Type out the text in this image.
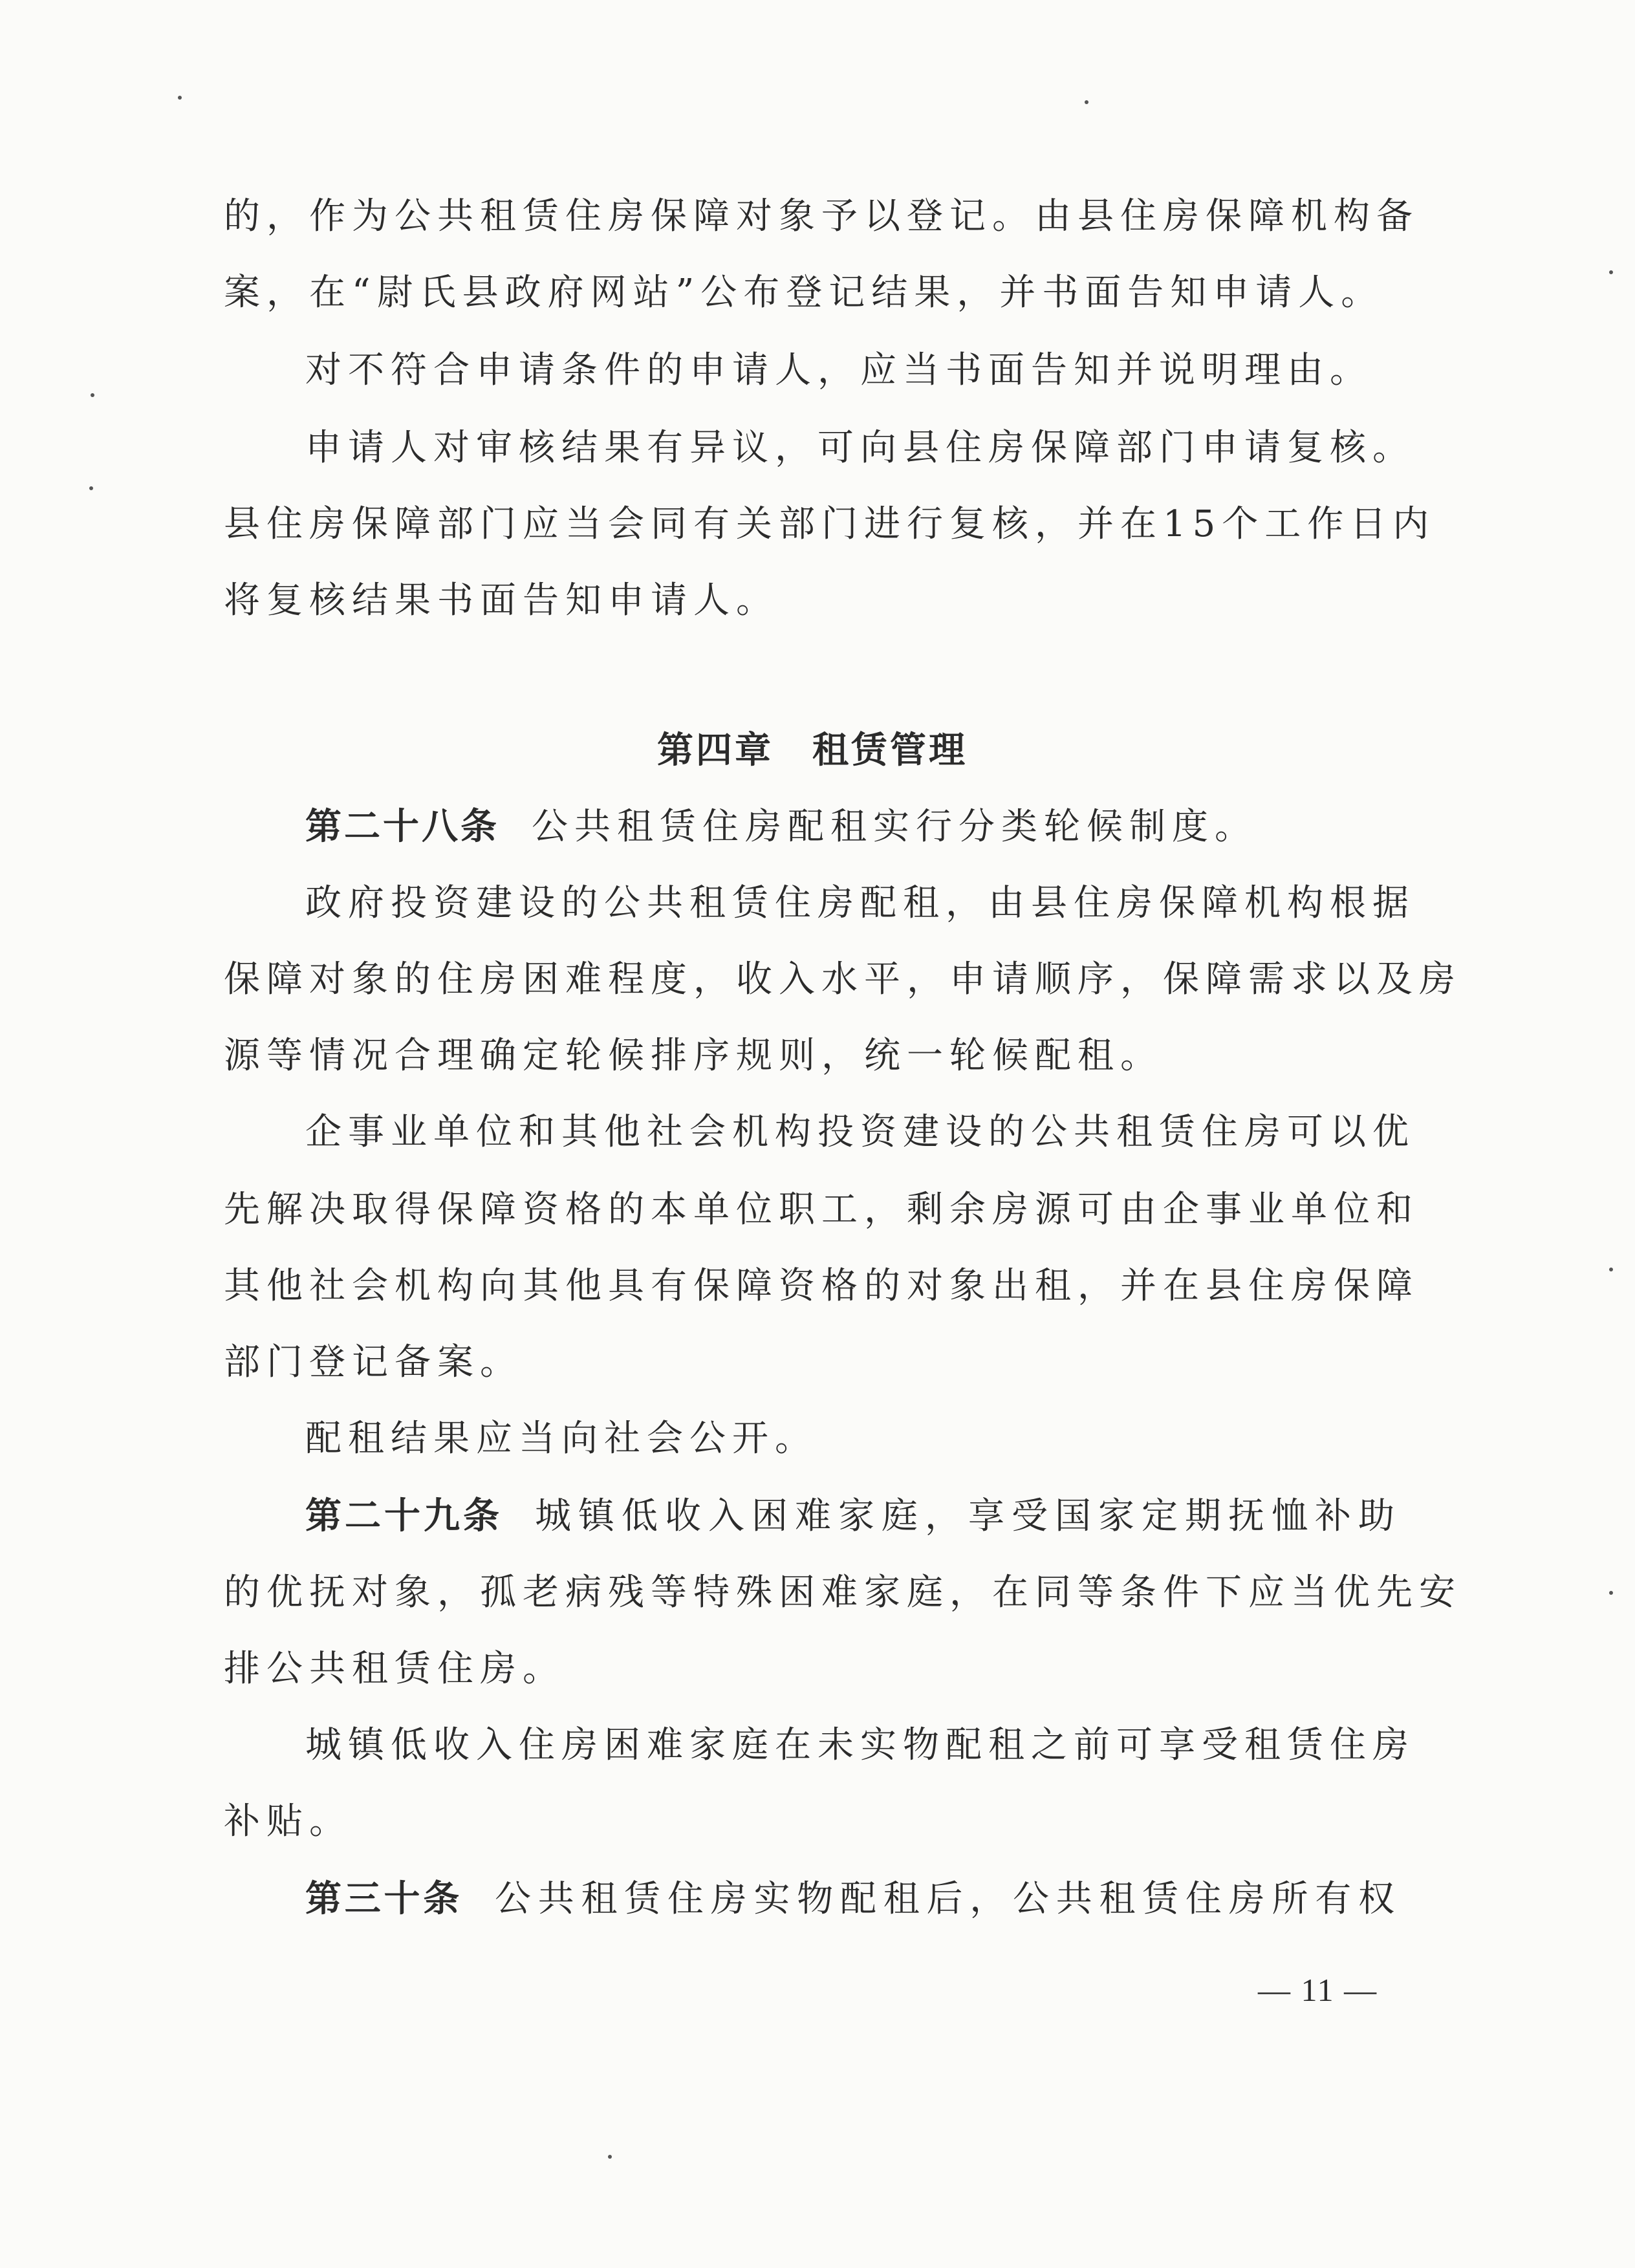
的，作为公共租赁住房保障对象予以登记。由县住房保障机构备
案，在“尉氏县政府网站”公布登记结果，并书面告知申请人。
对不符合申请条件的申请人，应当书面告知并说明理由。
申请人对审核结果有异议，可向县住房保障部门申请复核。
县住房保障部门应当会同有关部门进行复核，并在15个工作日内
将复核结果书面告知申请人。
第四章　租赁管理
第二十八条 公共租赁住房配租实行分类轮候制度。
政府投资建设的公共租赁住房配租，由县住房保障机构根据
保障对象的住房困难程度，收入水平，申请顺序，保障需求以及房
源等情况合理确定轮候排序规则，统一轮候配租。
企事业单位和其他社会机构投资建设的公共租赁住房可以优
先解决取得保障资格的本单位职工，剩余房源可由企事业单位和
其他社会机构向其他具有保障资格的对象出租，并在县住房保障
部门登记备案。
配租结果应当向社会公开。
第二十九条 城镇低收入困难家庭，享受国家定期抚恤补助
的优抚对象，孤老病残等特殊困难家庭，在同等条件下应当优先安
排公共租赁住房。
城镇低收入住房困难家庭在未实物配租之前可享受租赁住房
补贴。
第三十条 公共租赁住房实物配租后，公共租赁住房所有权
— 11 —
